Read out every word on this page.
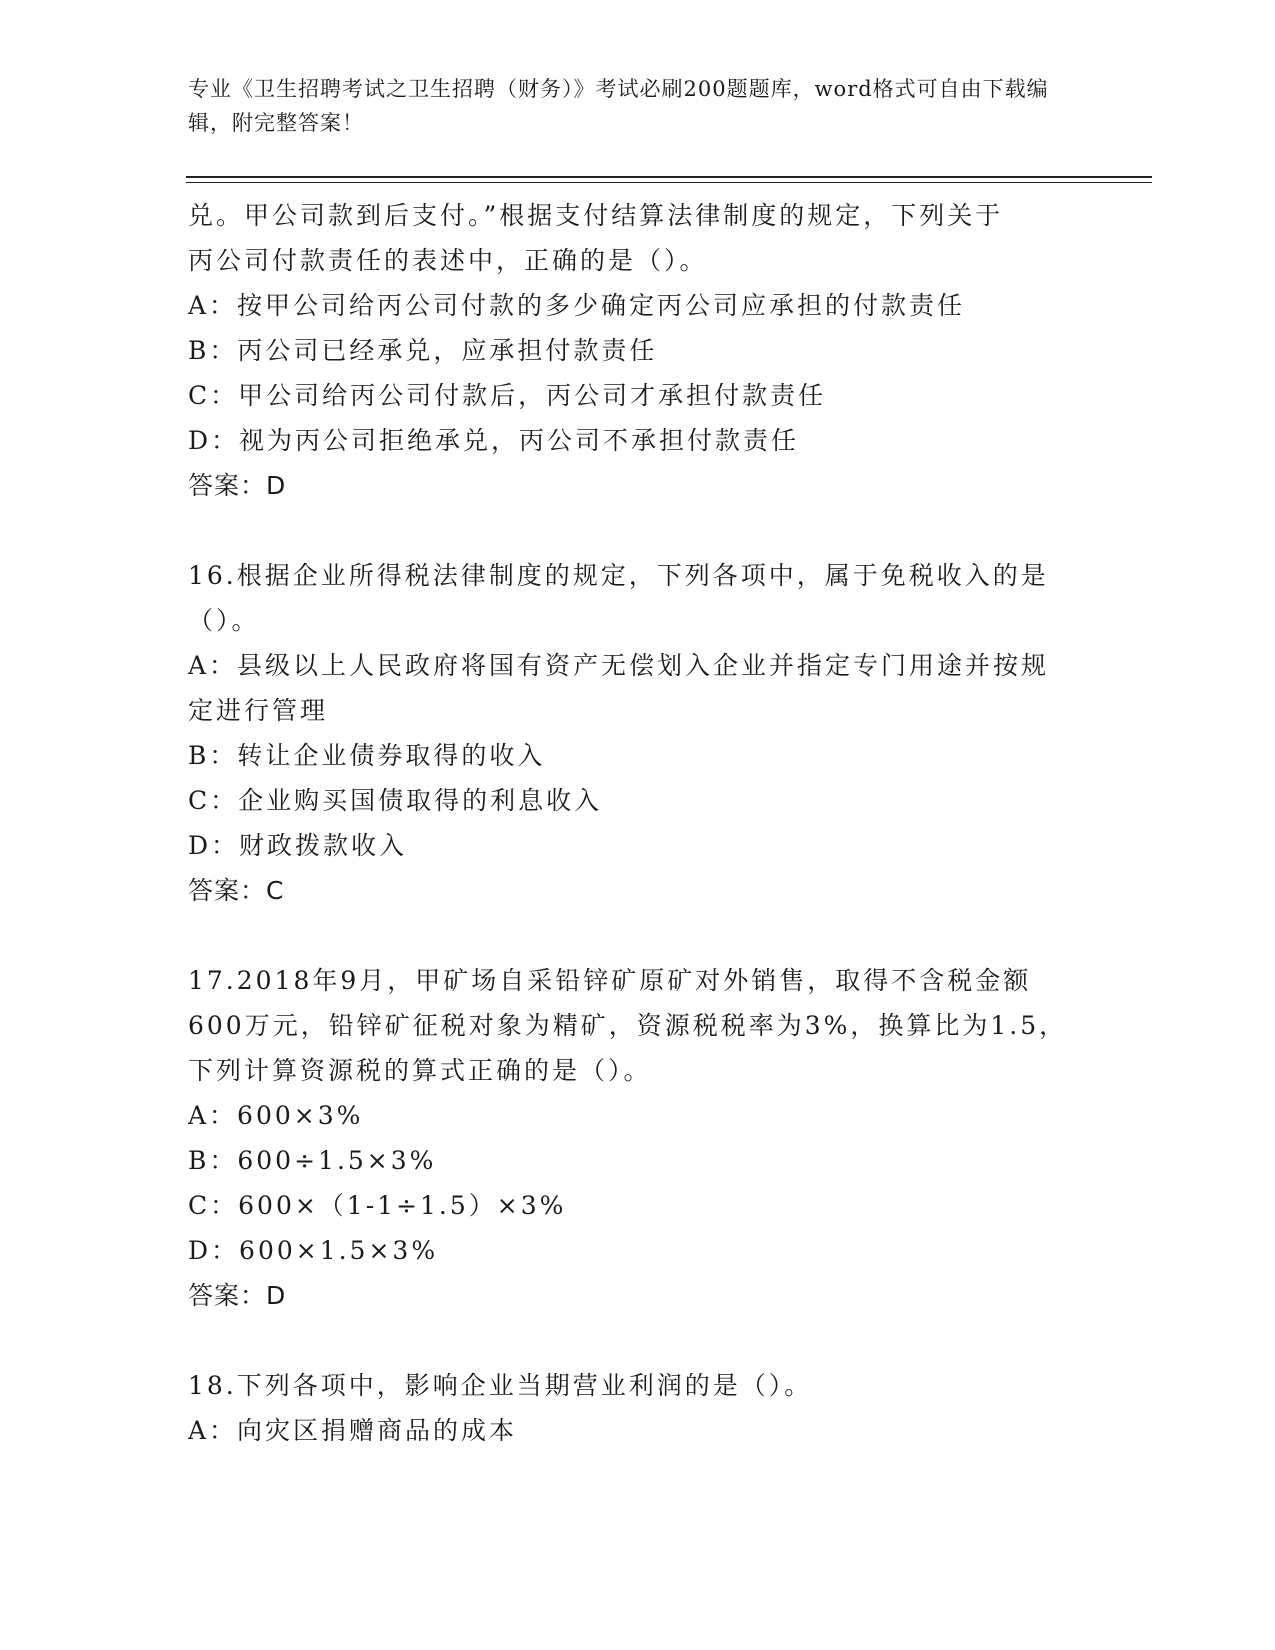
专业《卫生招聘考试之卫生招聘（财务）》考试必刷200题题库，word格式可自由下载编辑，附完整答案！
兑。甲公司款到后支付。”根据支付结算法律制度的规定，下列关于
丙公司付款责任的表述中，正确的是（）。
A：按甲公司给丙公司付款的多少确定丙公司应承担的付款责任
B：丙公司已经承兑，应承担付款责任
C：甲公司给丙公司付款后，丙公司才承担付款责任
D：视为丙公司拒绝承兑，丙公司不承担付款责任
答案：D
16.根据企业所得税法律制度的规定，下列各项中，属于免税收入的是
（）。
A：县级以上人民政府将国有资产无偿划入企业并指定专门用途并按规
定进行管理
B：转让企业债券取得的收入
C：企业购买国债取得的利息收入
D：财政拨款收入
答案：C
17.2018年9月，甲矿场自采铅锌矿原矿对外销售，取得不含税金额
600万元，铅锌矿征税对象为精矿，资源税税率为3%，换算比为1.5，
下列计算资源税的算式正确的是（）。
A：600×3%
B：600÷1.5×3%
C：600×（1-1÷1.5）×3%
D：600×1.5×3%
答案：D
18.下列各项中，影响企业当期营业利润的是（）。
A：向灾区捐赠商品的成本
